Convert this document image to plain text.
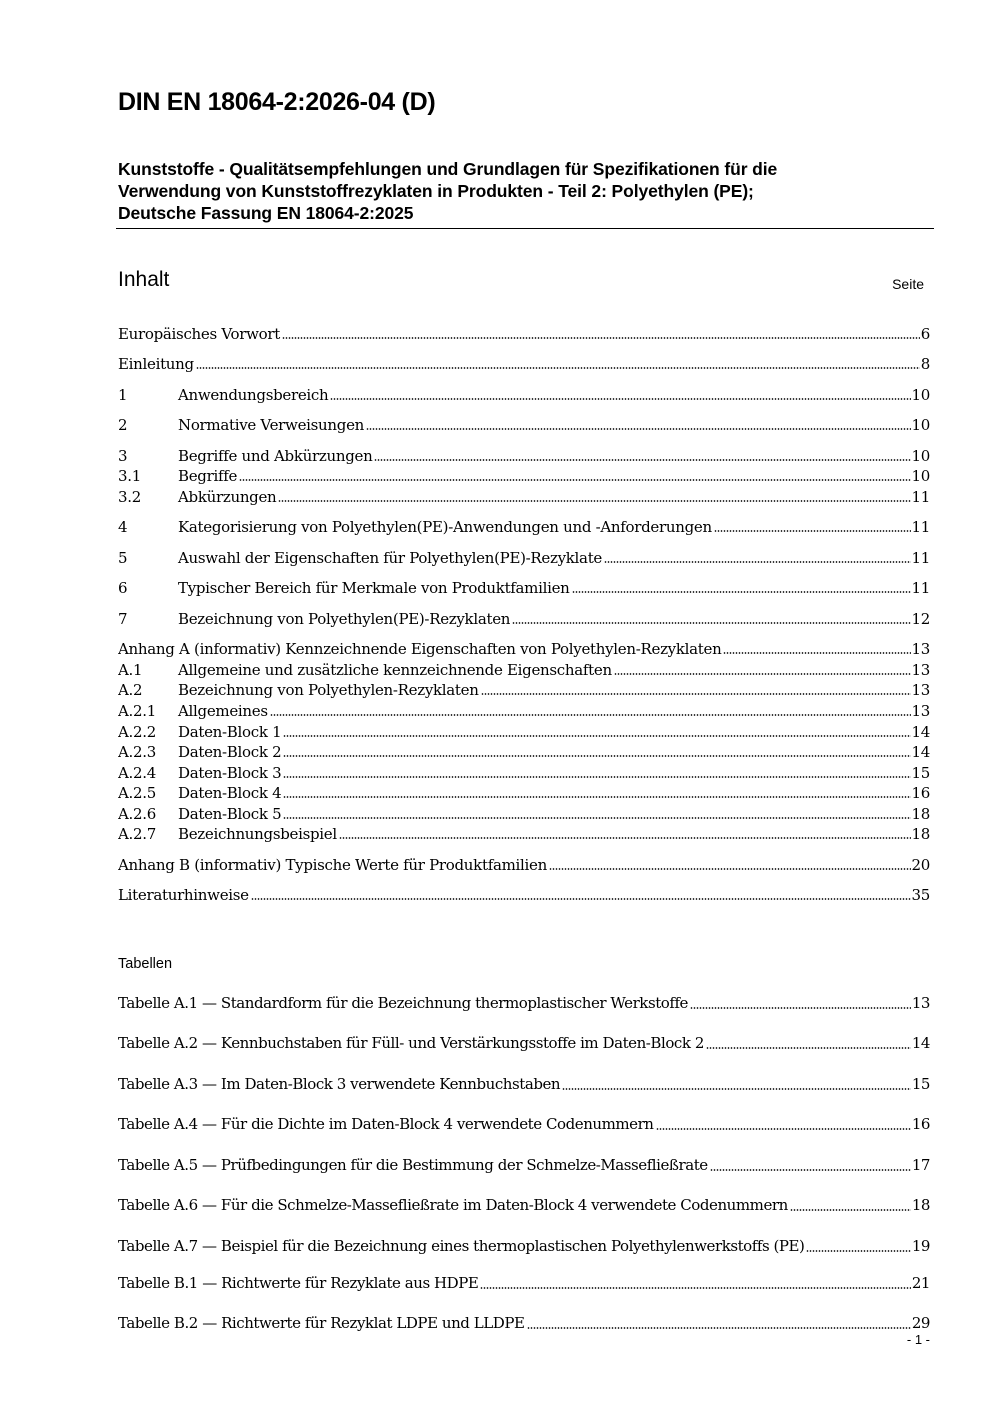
DIN EN 18064-2:2026-04 (D)
Kunststoffe - Qualitätsempfehlungen und Grundlagen für Spezifikationen für die
Verwendung von Kunststoffrezyklaten in Produkten - Teil 2: Polyethylen (PE);
Deutsche Fassung EN 18064-2:2025
Inhalt	Seite
Europäisches Vorwort	6
Einleitung	8
1	Anwendungsbereich	10
2	Normative Verweisungen	10
3	Begriffe und Abkürzungen	10
3.1	Begriffe	10
3.2	Abkürzungen	11
4	Kategorisierung von Polyethylen(PE)-Anwendungen und -Anforderungen	11
5	Auswahl der Eigenschaften für Polyethylen(PE)-Rezyklate	11
6	Typischer Bereich für Merkmale von Produktfamilien	11
7	Bezeichnung von Polyethylen(PE)-Rezyklaten	12
Anhang A (informativ) Kennzeichnende Eigenschaften von Polyethylen-Rezyklaten	13
A.1	Allgemeine und zusätzliche kennzeichnende Eigenschaften	13
A.2	Bezeichnung von Polyethylen-Rezyklaten	13
A.2.1	Allgemeines	13
A.2.2	Daten-Block 1	14
A.2.3	Daten-Block 2	14
A.2.4	Daten-Block 3	15
A.2.5	Daten-Block 4	16
A.2.6	Daten-Block 5	18
A.2.7	Bezeichnungsbeispiel	18
Anhang B (informativ) Typische Werte für Produktfamilien	20
Literaturhinweise	35
Tabellen
Tabelle A.1 — Standardform für die Bezeichnung thermoplastischer Werkstoffe	13
Tabelle A.2 — Kennbuchstaben für Füll- und Verstärkungsstoffe im Daten-Block 2	14
Tabelle A.3 — Im Daten-Block 3 verwendete Kennbuchstaben	15
Tabelle A.4 — Für die Dichte im Daten-Block 4 verwendete Codenummern	16
Tabelle A.5 — Prüfbedingungen für die Bestimmung der Schmelze-Massefließrate	17
Tabelle A.6 — Für die Schmelze-Massefließrate im Daten-Block 4 verwendete Codenummern	18
Tabelle A.7 — Beispiel für die Bezeichnung eines thermoplastischen Polyethylenwerkstoffs (PE)	19
Tabelle B.1 — Richtwerte für Rezyklate aus HDPE	21
Tabelle B.2 — Richtwerte für Rezyklat LDPE und LLDPE	29
- 1 -
